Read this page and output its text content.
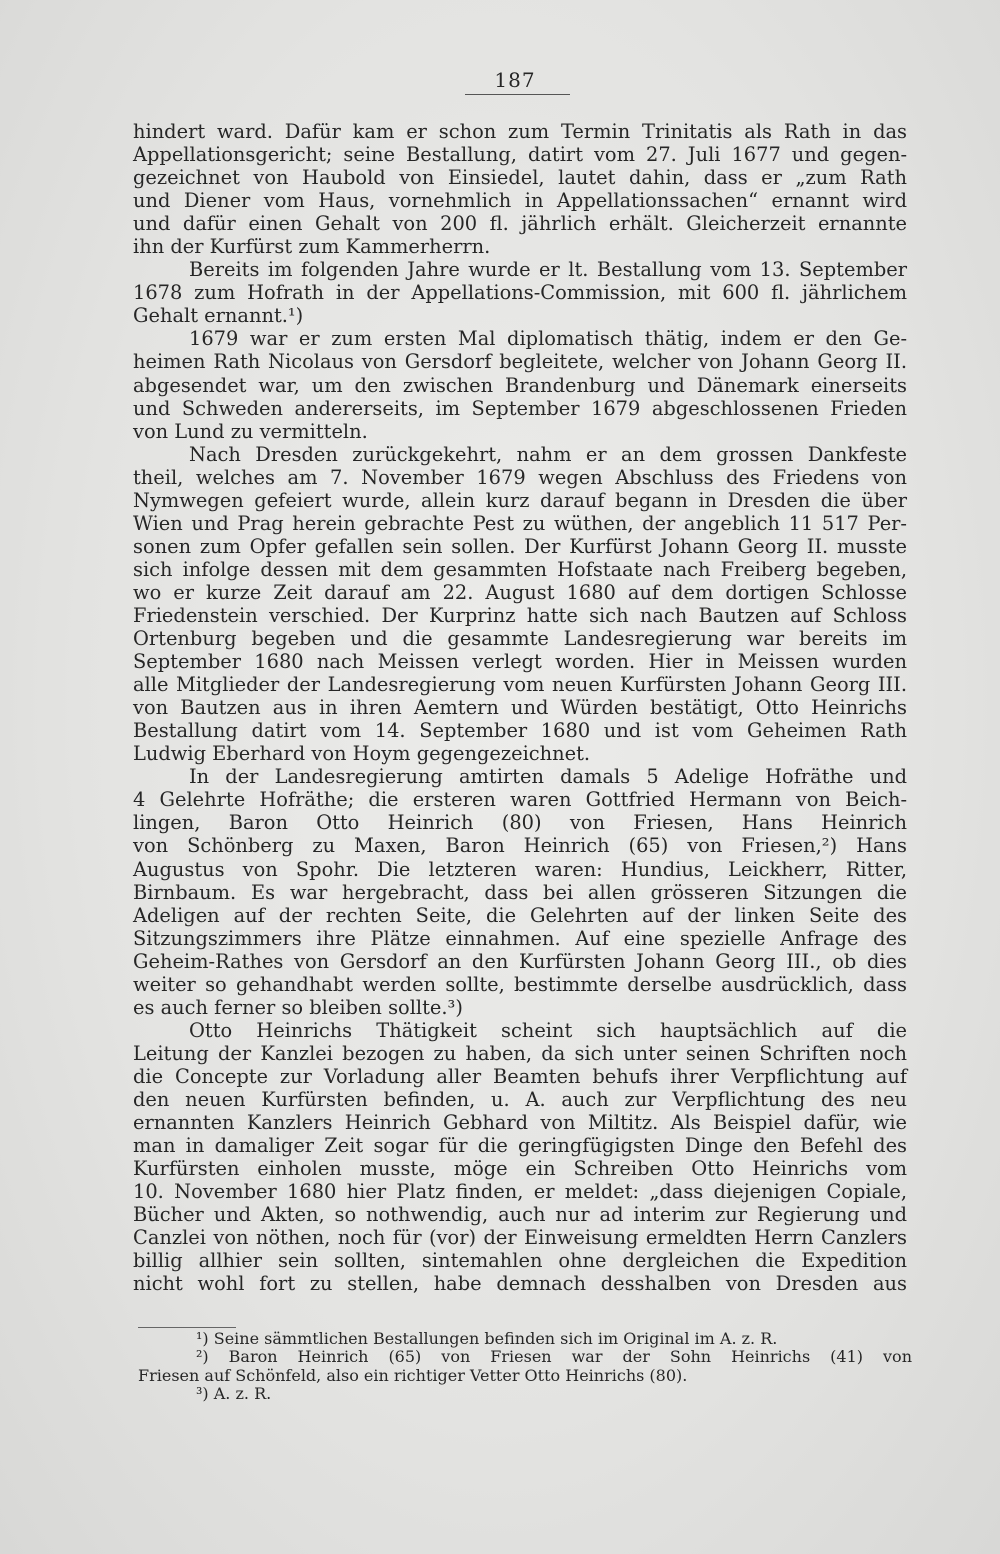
187
hindert ward. Dafür kam er schon zum Termin Trinitatis als Rath in das
Appellationsgericht; seine Bestallung, datirt vom 27. Juli 1677 und gegen-
gezeichnet von Haubold von Einsiedel, lautet dahin, dass er „zum Rath
und Diener vom Haus, vornehmlich in Appellationssachen“ ernannt wird
und dafür einen Gehalt von 200 fl. jährlich erhält. Gleicherzeit ernannte
ihn der Kurfürst zum Kammerherrn.
Bereits im folgenden Jahre wurde er lt. Bestallung vom 13. September
1678 zum Hofrath in der Appellations-Commission, mit 600 fl. jährlichem
Gehalt ernannt.¹)
1679 war er zum ersten Mal diplomatisch thätig, indem er den Ge-
heimen Rath Nicolaus von Gersdorf begleitete, welcher von Johann Georg II.
abgesendet war, um den zwischen Brandenburg und Dänemark einerseits
und Schweden andererseits, im September 1679 abgeschlossenen Frieden
von Lund zu vermitteln.
Nach Dresden zurückgekehrt, nahm er an dem grossen Dankfeste
theil, welches am 7. November 1679 wegen Abschluss des Friedens von
Nymwegen gefeiert wurde, allein kurz darauf begann in Dresden die über
Wien und Prag herein gebrachte Pest zu wüthen, der angeblich 11 517 Per-
sonen zum Opfer gefallen sein sollen. Der Kurfürst Johann Georg II. musste
sich infolge dessen mit dem gesammten Hofstaate nach Freiberg begeben,
wo er kurze Zeit darauf am 22. August 1680 auf dem dortigen Schlosse
Friedenstein verschied. Der Kurprinz hatte sich nach Bautzen auf Schloss
Ortenburg begeben und die gesammte Landesregierung war bereits im
September 1680 nach Meissen verlegt worden. Hier in Meissen wurden
alle Mitglieder der Landesregierung vom neuen Kurfürsten Johann Georg III.
von Bautzen aus in ihren Aemtern und Würden bestätigt, Otto Heinrichs
Bestallung datirt vom 14. September 1680 und ist vom Geheimen Rath
Ludwig Eberhard von Hoym gegengezeichnet.
In der Landesregierung amtirten damals 5 Adelige Hofräthe und
4 Gelehrte Hofräthe; die ersteren waren Gottfried Hermann von Beich-
lingen, Baron Otto Heinrich (80) von Friesen, Hans Heinrich
von Schönberg zu Maxen, Baron Heinrich (65) von Friesen,²) Hans
Augustus von Spohr. Die letzteren waren: Hundius, Leickherr, Ritter,
Birnbaum. Es war hergebracht, dass bei allen grösseren Sitzungen die
Adeligen auf der rechten Seite, die Gelehrten auf der linken Seite des
Sitzungszimmers ihre Plätze einnahmen. Auf eine spezielle Anfrage des
Geheim-Rathes von Gersdorf an den Kurfürsten Johann Georg III., ob dies
weiter so gehandhabt werden sollte, bestimmte derselbe ausdrücklich, dass
es auch ferner so bleiben sollte.³)
Otto Heinrichs Thätigkeit scheint sich hauptsächlich auf die
Leitung der Kanzlei bezogen zu haben, da sich unter seinen Schriften noch
die Concepte zur Vorladung aller Beamten behufs ihrer Verpflichtung auf
den neuen Kurfürsten befinden, u. A. auch zur Verpflichtung des neu
ernannten Kanzlers Heinrich Gebhard von Miltitz. Als Beispiel dafür, wie
man in damaliger Zeit sogar für die geringfügigsten Dinge den Befehl des
Kurfürsten einholen musste, möge ein Schreiben Otto Heinrichs vom
10. November 1680 hier Platz finden, er meldet: „dass diejenigen Copiale,
Bücher und Akten, so nothwendig, auch nur ad interim zur Regierung und
Canzlei von nöthen, noch für (vor) der Einweisung ermeldten Herrn Canzlers
billig allhier sein sollten, sintemahlen ohne dergleichen die Expedition
nicht wohl fort zu stellen, habe demnach desshalben von Dresden aus
¹) Seine sämmtlichen Bestallungen befinden sich im Original im A. z. R.
²) Baron Heinrich (65) von Friesen war der Sohn Heinrichs (41) von
Friesen auf Schönfeld, also ein richtiger Vetter Otto Heinrichs (80).
³) A. z. R.
